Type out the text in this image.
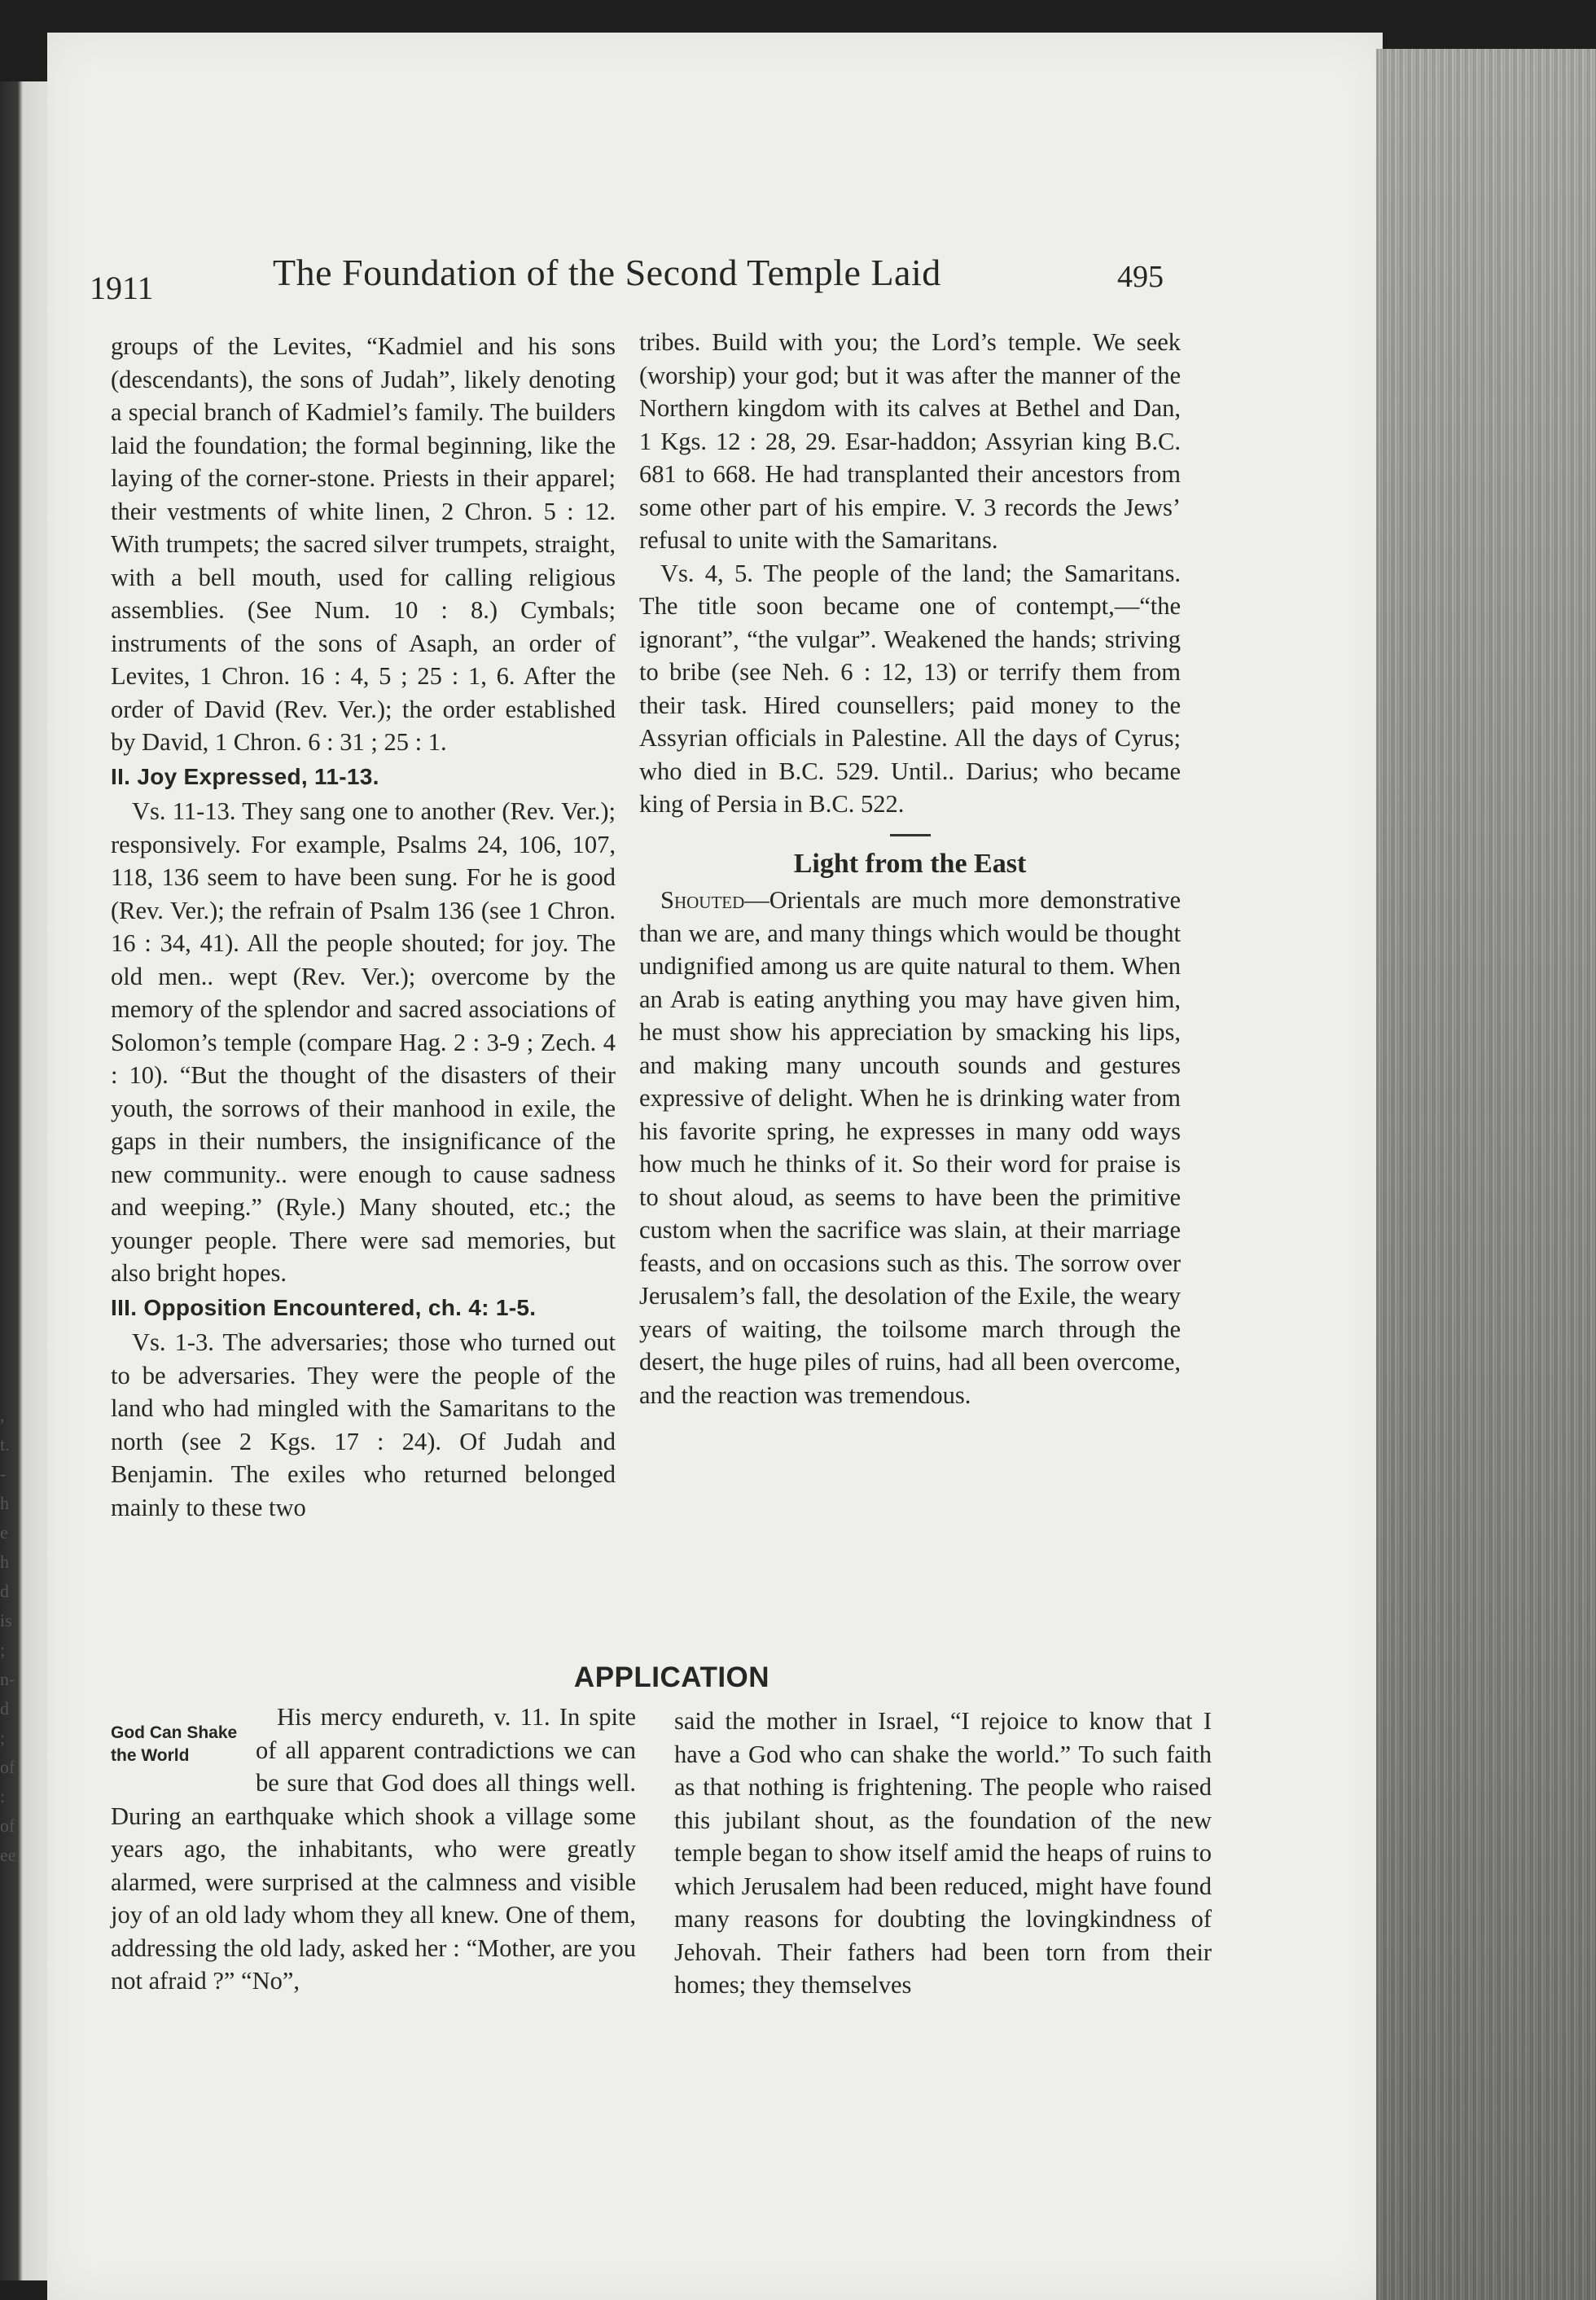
,
t.
-
h
e
h
d
is
;
n-
d
;
of
:
of
ee
1911	The Foundation of the Second Temple Laid	495

groups of the Levites, “Kadmiel and his sons (descendants), the sons of Judah”, likely denoting a special branch of Kadmiel’s family. The builders laid the foundation; the formal beginning, like the laying of the corner-stone. Priests in their apparel; their vestments of white linen, 2 Chron. 5 : 12. With trumpets; the sacred silver trumpets, straight, with a bell mouth, used for calling religious assemblies. (See Num. 10 : 8.) Cymbals; instruments of the sons of Asaph, an order of Levites, 1 Chron. 16 : 4, 5 ; 25 : 1, 6. After the order of David (Rev. Ver.); the order established by David, 1 Chron. 6 : 31 ; 25 : 1.

II. Joy Expressed, 11-13.

Vs. 11-13. They sang one to another (Rev. Ver.); responsively. For example, Psalms 24, 106, 107, 118, 136 seem to have been sung. For he is good (Rev. Ver.); the refrain of Psalm 136 (see 1 Chron. 16 : 34, 41). All the people shouted; for joy. The old men.. wept (Rev. Ver.); overcome by the memory of the splendor and sacred associations of Solomon’s temple (compare Hag. 2 : 3-9 ; Zech. 4 : 10). “But the thought of the disasters of their youth, the sorrows of their manhood in exile, the gaps in their numbers, the insignificance of the new community.. were enough to cause sadness and weeping.” (Ryle.) Many shouted, etc.; the younger people. There were sad memories, but also bright hopes.

III. Opposition Encountered, ch. 4: 1-5.

Vs. 1-3. The adversaries; those who turned out to be adversaries. They were the people of the land who had mingled with the Samaritans to the north (see 2 Kgs. 17 : 24). Of Judah and Benjamin. The exiles who returned belonged mainly to these two

tribes. Build with you; the Lord’s temple. We seek (worship) your god; but it was after the manner of the Northern kingdom with its calves at Bethel and Dan, 1 Kgs. 12 : 28, 29. Esar-haddon; Assyrian king B.C. 681 to 668. He had transplanted their ancestors from some other part of his empire. V. 3 records the Jews’ refusal to unite with the Samaritans.

Vs. 4, 5. The people of the land; the Samaritans. The title soon became one of contempt,—“the ignorant”, “the vulgar”. Weakened the hands; striving to bribe (see Neh. 6 : 12, 13) or terrify them from their task. Hired counsellers; paid money to the Assyrian officials in Palestine. All the days of Cyrus; who died in B.C. 529. Until.. Darius; who became king of Persia in B.C. 522.

Light from the East

Shouted—Orientals are much more demonstrative than we are, and many things which would be thought undignified among us are quite natural to them. When an Arab is eating anything you may have given him, he must show his appreciation by smacking his lips, and making many uncouth sounds and gestures expressive of delight. When he is drinking water from his favorite spring, he expresses in many odd ways how much he thinks of it. So their word for praise is to shout aloud, as seems to have been the primitive custom when the sacrifice was slain, at their marriage feasts, and on occasions such as this. The sorrow over Jerusalem’s fall, the desolation of the Exile, the weary years of waiting, the toilsome march through the desert, the huge piles of ruins, had all been overcome, and the reaction was tremendous.

APPLICATION
God Can Shake the World

His mercy endureth, v. 11. In spite of all apparent contradictions we can be sure that God does all things well. During an earthquake which shook a village some years ago, the inhabitants, who were greatly alarmed, were surprised at the calmness and visible joy of an old lady whom they all knew. One of them, addressing the old lady, asked her : “Mother, are you not afraid ?” “No”,

said the mother in Israel, “I rejoice to know that I have a God who can shake the world.” To such faith as that nothing is frightening. The people who raised this jubilant shout, as the foundation of the new temple began to show itself amid the heaps of ruins to which Jerusalem had been reduced, might have found many reasons for doubting the lovingkindness of Jehovah. Their fathers had been torn from their homes; they themselves
